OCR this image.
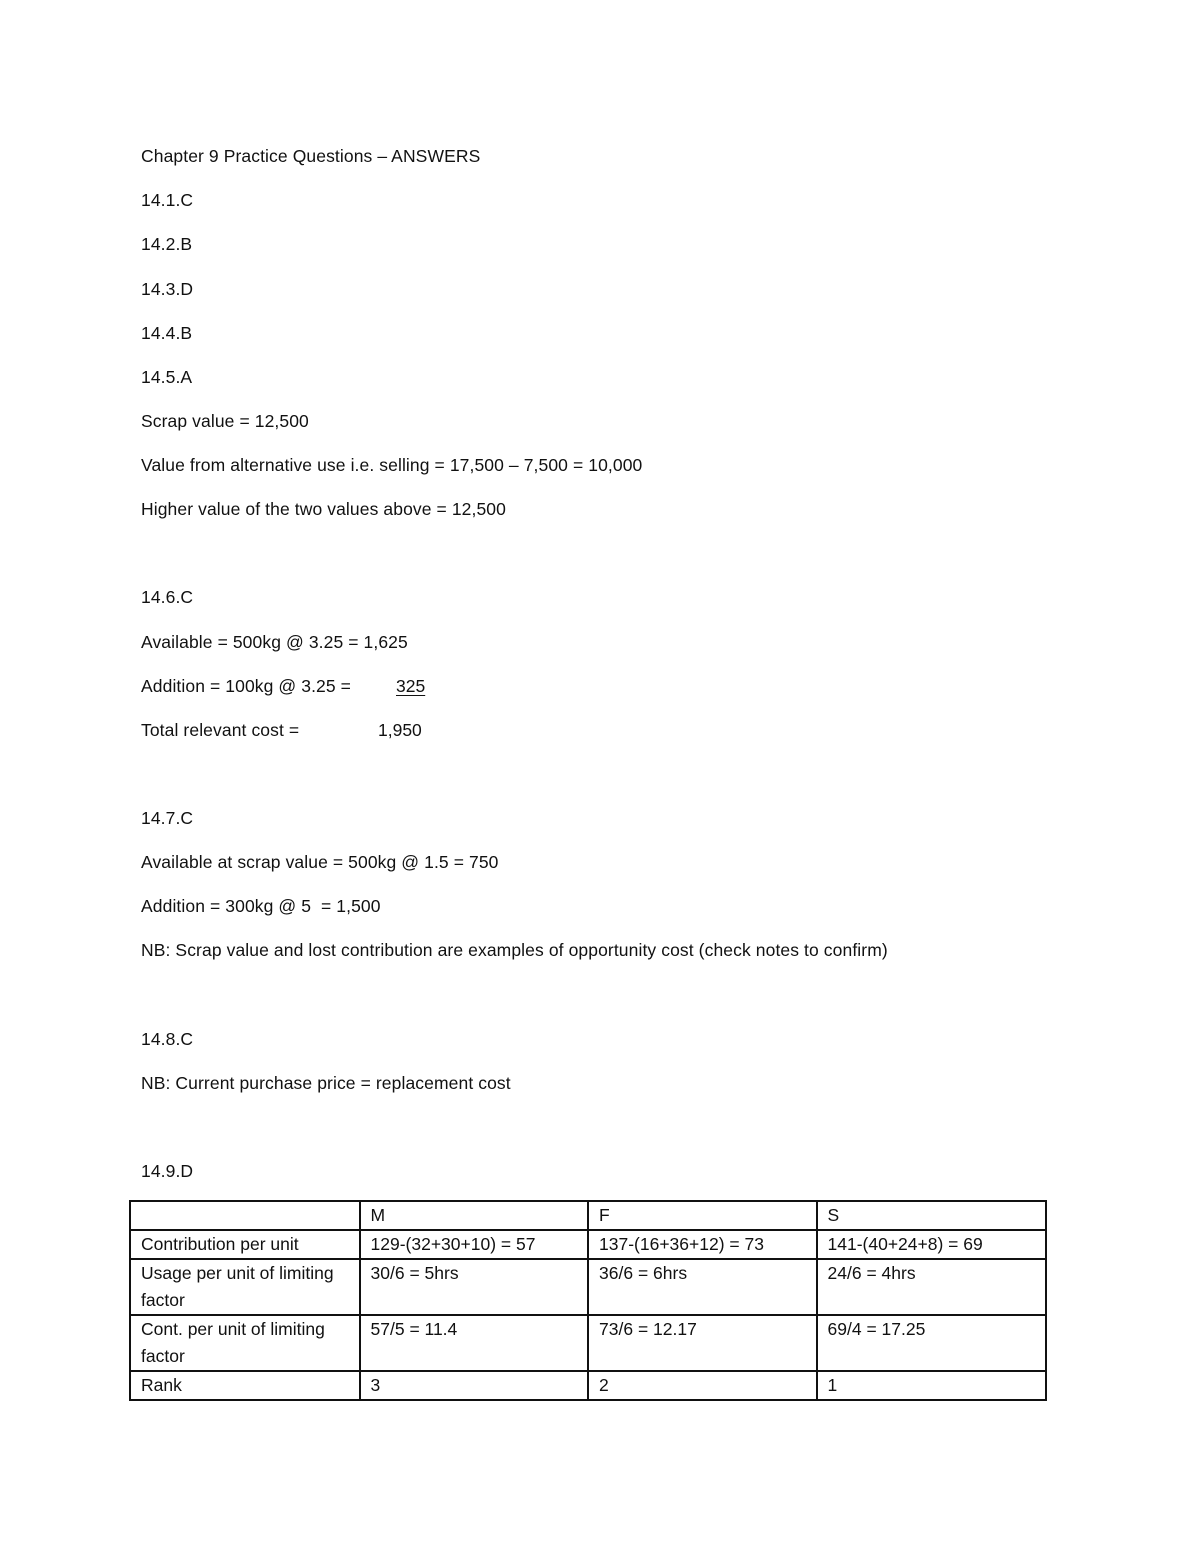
Chapter 9 Practice Questions – ANSWERS
14.1.C
14.2.B
14.3.D
14.4.B
14.5.A
Scrap value = 12,500
Value from alternative use i.e. selling = 17,500 – 7,500 = 10,000
Higher value of the two values above = 12,500
14.6.C
Available = 500kg @ 3.25 = 1,625
Addition = 100kg @ 3.25 =	325
Total relevant cost =	1,950
14.7.C
Available at scrap value = 500kg @ 1.5 = 750
Addition = 300kg @ 5  = 1,500
NB: Scrap value and lost contribution are examples of opportunity cost (check notes to confirm)
14.8.C
NB: Current purchase price = replacement cost
14.9.D
	M	F	S
Contribution per unit	129-(32+30+10) = 57	137-(16+36+12) = 73	141-(40+24+8) = 69
Usage per unit of limiting factor	30/6 = 5hrs	36/6 = 6hrs	24/6 = 4hrs
Cont. per unit of limiting factor	57/5 = 11.4	73/6 = 12.17	69/4 = 17.25
Rank	3	2	1
